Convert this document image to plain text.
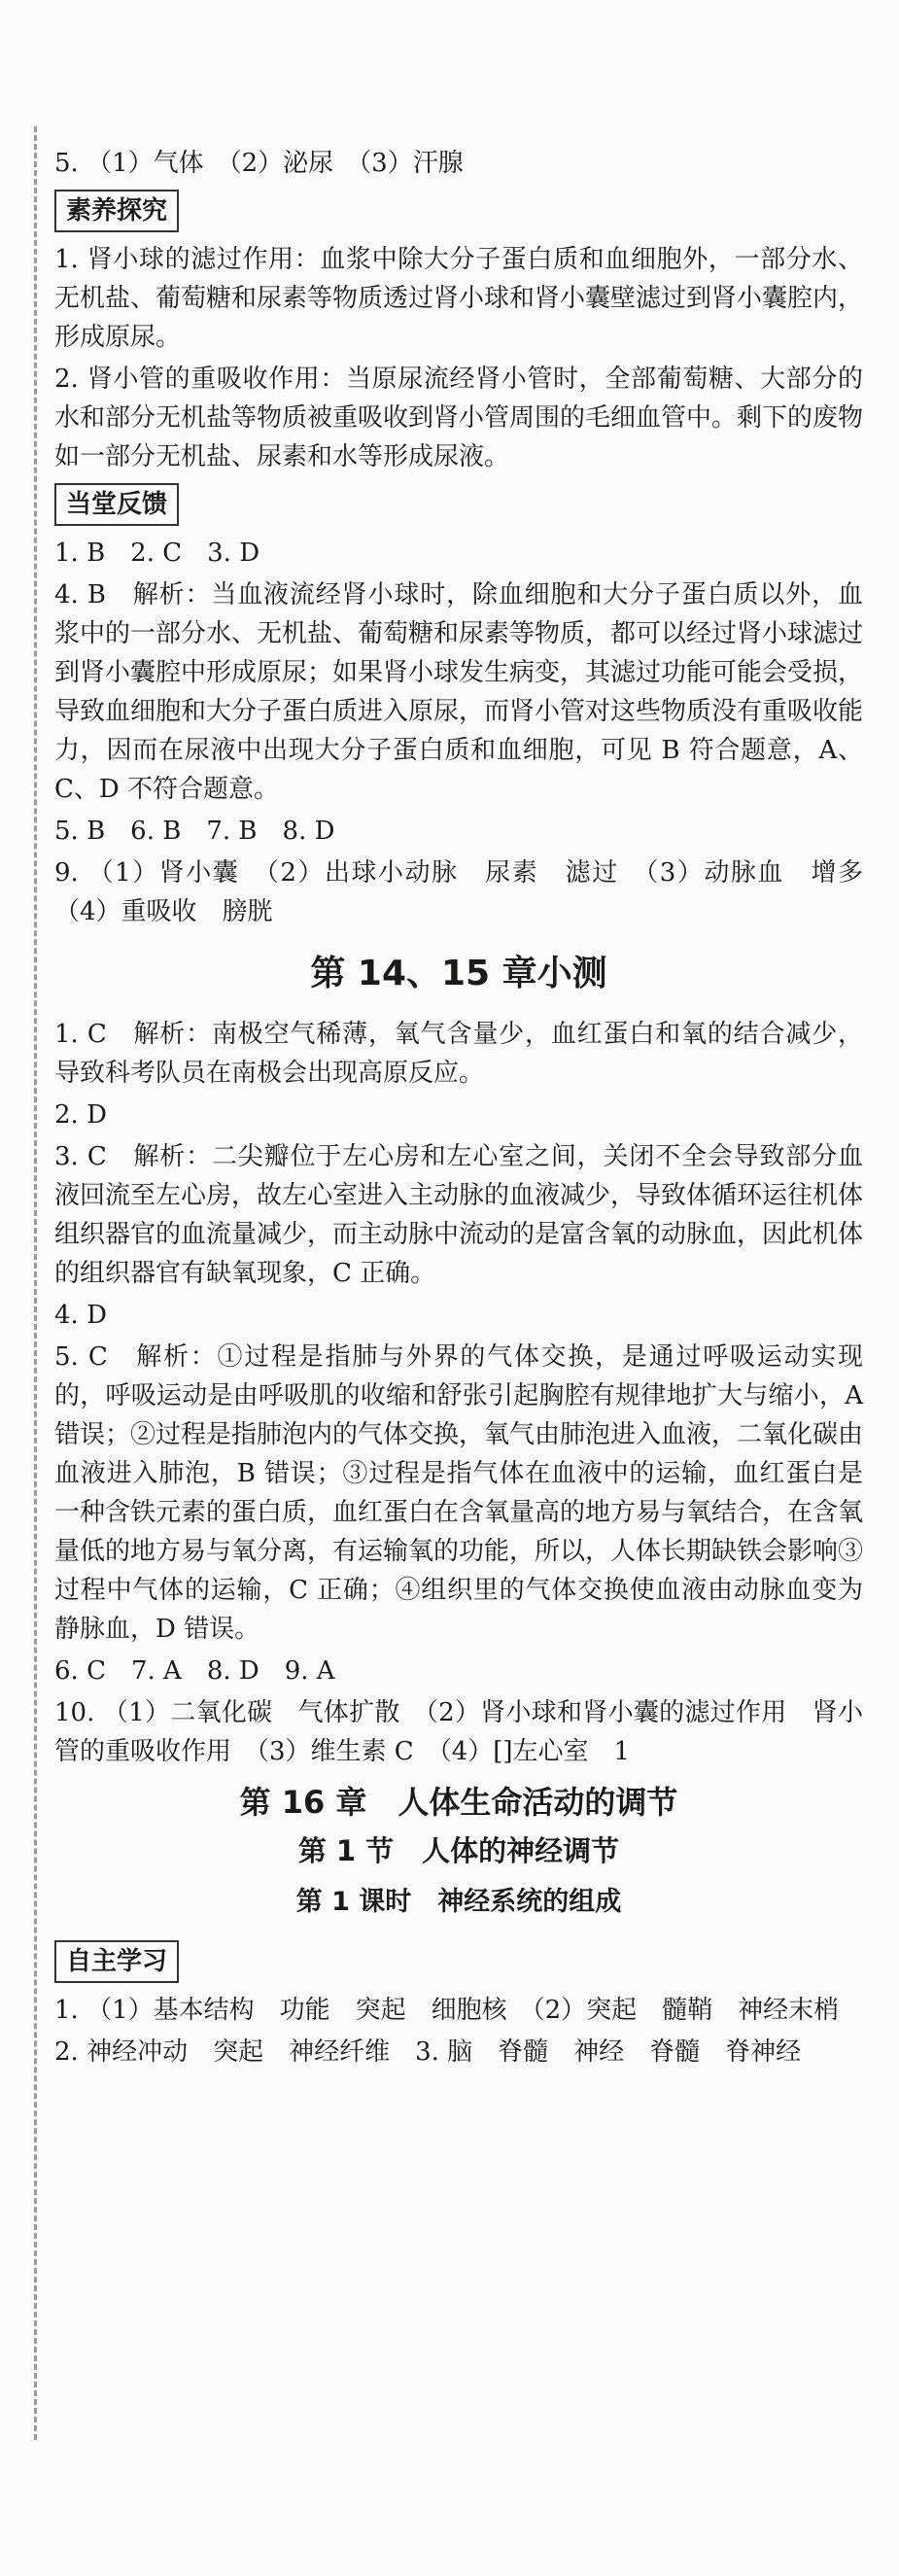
5. （1）气体　（2）泌尿　（3）汗腺

素养探究

1. 肾小球的滤过作用：血浆中除大分子蛋白质和血细胞外，一部分水、无机盐、葡萄糖和尿素等物质透过肾小球和肾小囊壁滤过到肾小囊腔内，形成原尿。

2. 肾小管的重吸收作用：当原尿流经肾小管时，全部葡萄糖、大部分的水和部分无机盐等物质被重吸收到肾小管周围的毛细血管中。剩下的废物如一部分无机盐、尿素和水等形成尿液。

当堂反馈

1. B　2. C　3. D

4. B　解析：当血液流经肾小球时，除血细胞和大分子蛋白质以外，血浆中的一部分水、无机盐、葡萄糖和尿素等物质，都可以经过肾小球滤过到肾小囊腔中形成原尿；如果肾小球发生病变，其滤过功能可能会受损，导致血细胞和大分子蛋白质进入原尿，而肾小管对这些物质没有重吸收能力，因而在尿液中出现大分子蛋白质和血细胞，可见 B 符合题意，A、C、D 不符合题意。

5. B　6. B　7. B　8. D

9. （1）肾小囊　（2）出球小动脉　尿素　滤过　（3）动脉血　增多　（4）重吸收　膀胱

第 14、15 章小测

1. C　解析：南极空气稀薄，氧气含量少，血红蛋白和氧的结合减少，导致科考队员在南极会出现高原反应。

2. D

3. C　解析：二尖瓣位于左心房和左心室之间，关闭不全会导致部分血液回流至左心房，故左心室进入主动脉的血液减少，导致体循环运往机体组织器官的血流量减少，而主动脉中流动的是富含氧的动脉血，因此机体的组织器官有缺氧现象，C 正确。

4. D

5. C　解析：①过程是指肺与外界的气体交换，是通过呼吸运动实现的，呼吸运动是由呼吸肌的收缩和舒张引起胸腔有规律地扩大与缩小，A 错误；②过程是指肺泡内的气体交换，氧气由肺泡进入血液，二氧化碳由血液进入肺泡，B 错误；③过程是指气体在血液中的运输，血红蛋白是一种含铁元素的蛋白质，血红蛋白在含氧量高的地方易与氧结合，在含氧量低的地方易与氧分离，有运输氧的功能，所以，人体长期缺铁会影响③过程中气体的运输，C 正确；④组织里的气体交换使血液由动脉血变为静脉血，D 错误。

6. C　7. A　8. D　9. A

10. （1）二氧化碳　气体扩散　（2）肾小球和肾小囊的滤过作用　肾小管的重吸收作用　（3）维生素 C　（4）[]左心室　1

第 16 章　人体生命活动的调节
第 1 节　人体的神经调节
第 1 课时　神经系统的组成
自主学习

1. （1）基本结构　功能　突起　细胞核　（2）突起　髓鞘　神经末梢

2. 神经冲动　突起　神经纤维　3. 脑　脊髓　神经　脊髓　脊神经
